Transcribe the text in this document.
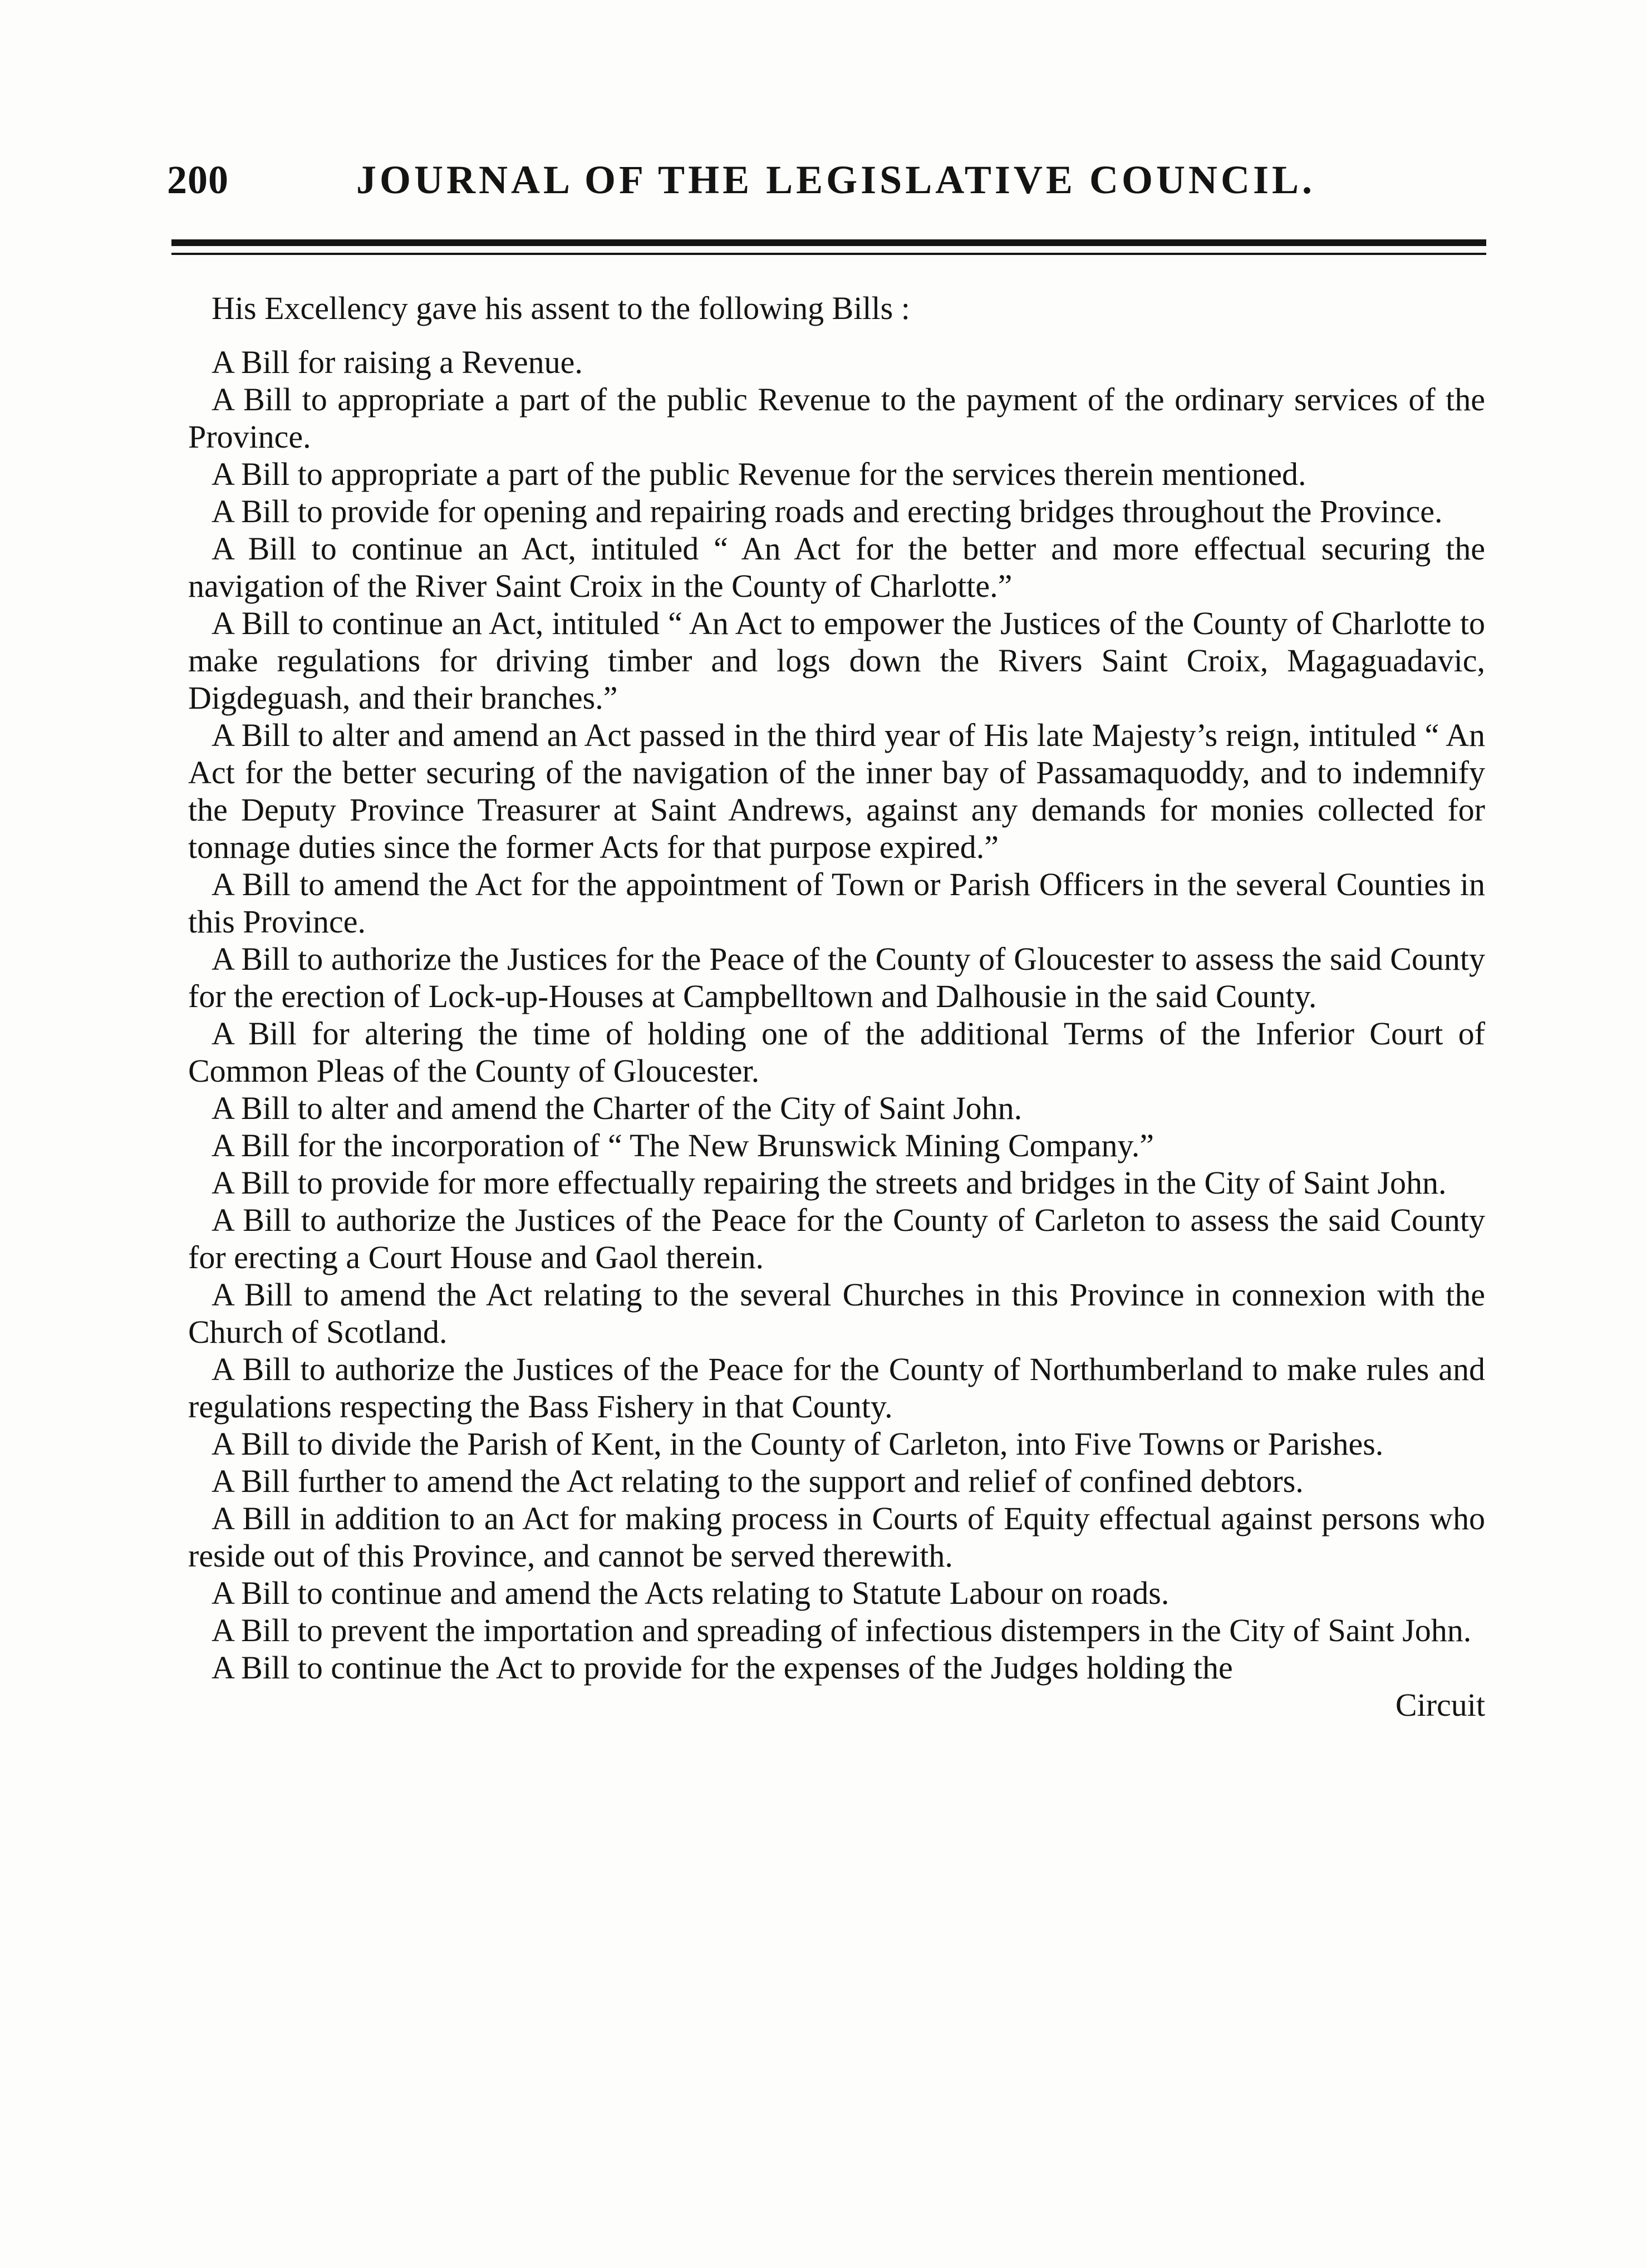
200	JOURNAL OF THE LEGISLATIVE COUNCIL.

His Excellency gave his assent to the following Bills :

A Bill for raising a Revenue.
A Bill to appropriate a part of the public Revenue to the payment of the ordinary services of the Province.
A Bill to appropriate a part of the public Revenue for the services therein mentioned.
A Bill to provide for opening and repairing roads and erecting bridges throughout the Province.
A Bill to continue an Act, intituled “ An Act for the better and more effectual securing the navigation of the River Saint Croix in the County of Charlotte.”
A Bill to continue an Act, intituled “ An Act to empower the Justices of the County of Charlotte to make regulations for driving timber and logs down the Rivers Saint Croix, Magaguadavic, Digdeguash, and their branches.”
A Bill to alter and amend an Act passed in the third year of His late Majesty’s reign, intituled “ An Act for the better securing of the navigation of the inner bay of Passamaquoddy, and to indemnify the Deputy Province Treasurer at Saint Andrews, against any demands for monies collected for tonnage duties since the former Acts for that purpose expired.”
A Bill to amend the Act for the appointment of Town or Parish Officers in the several Counties in this Province.
A Bill to authorize the Justices for the Peace of the County of Gloucester to assess the said County for the erection of Lock-up-Houses at Campbelltown and Dalhousie in the said County.
A Bill for altering the time of holding one of the additional Terms of the Inferior Court of Common Pleas of the County of Gloucester.
A Bill to alter and amend the Charter of the City of Saint John.
A Bill for the incorporation of “ The New Brunswick Mining Company.”
A Bill to provide for more effectually repairing the streets and bridges in the City of Saint John.
A Bill to authorize the Justices of the Peace for the County of Carleton to assess the said County for erecting a Court House and Gaol therein.
A Bill to amend the Act relating to the several Churches in this Province in connexion with the Church of Scotland.
A Bill to authorize the Justices of the Peace for the County of Northumberland to make rules and regulations respecting the Bass Fishery in that County.
A Bill to divide the Parish of Kent, in the County of Carleton, into Five Towns or Parishes.
A Bill further to amend the Act relating to the support and relief of confined debtors.
A Bill in addition to an Act for making process in Courts of Equity effectual against persons who reside out of this Province, and cannot be served therewith.
A Bill to continue and amend the Acts relating to Statute Labour on roads.
A Bill to prevent the importation and spreading of infectious distempers in the City of Saint John.
A Bill to continue the Act to provide for the expenses of the Judges holding the

Circuit
